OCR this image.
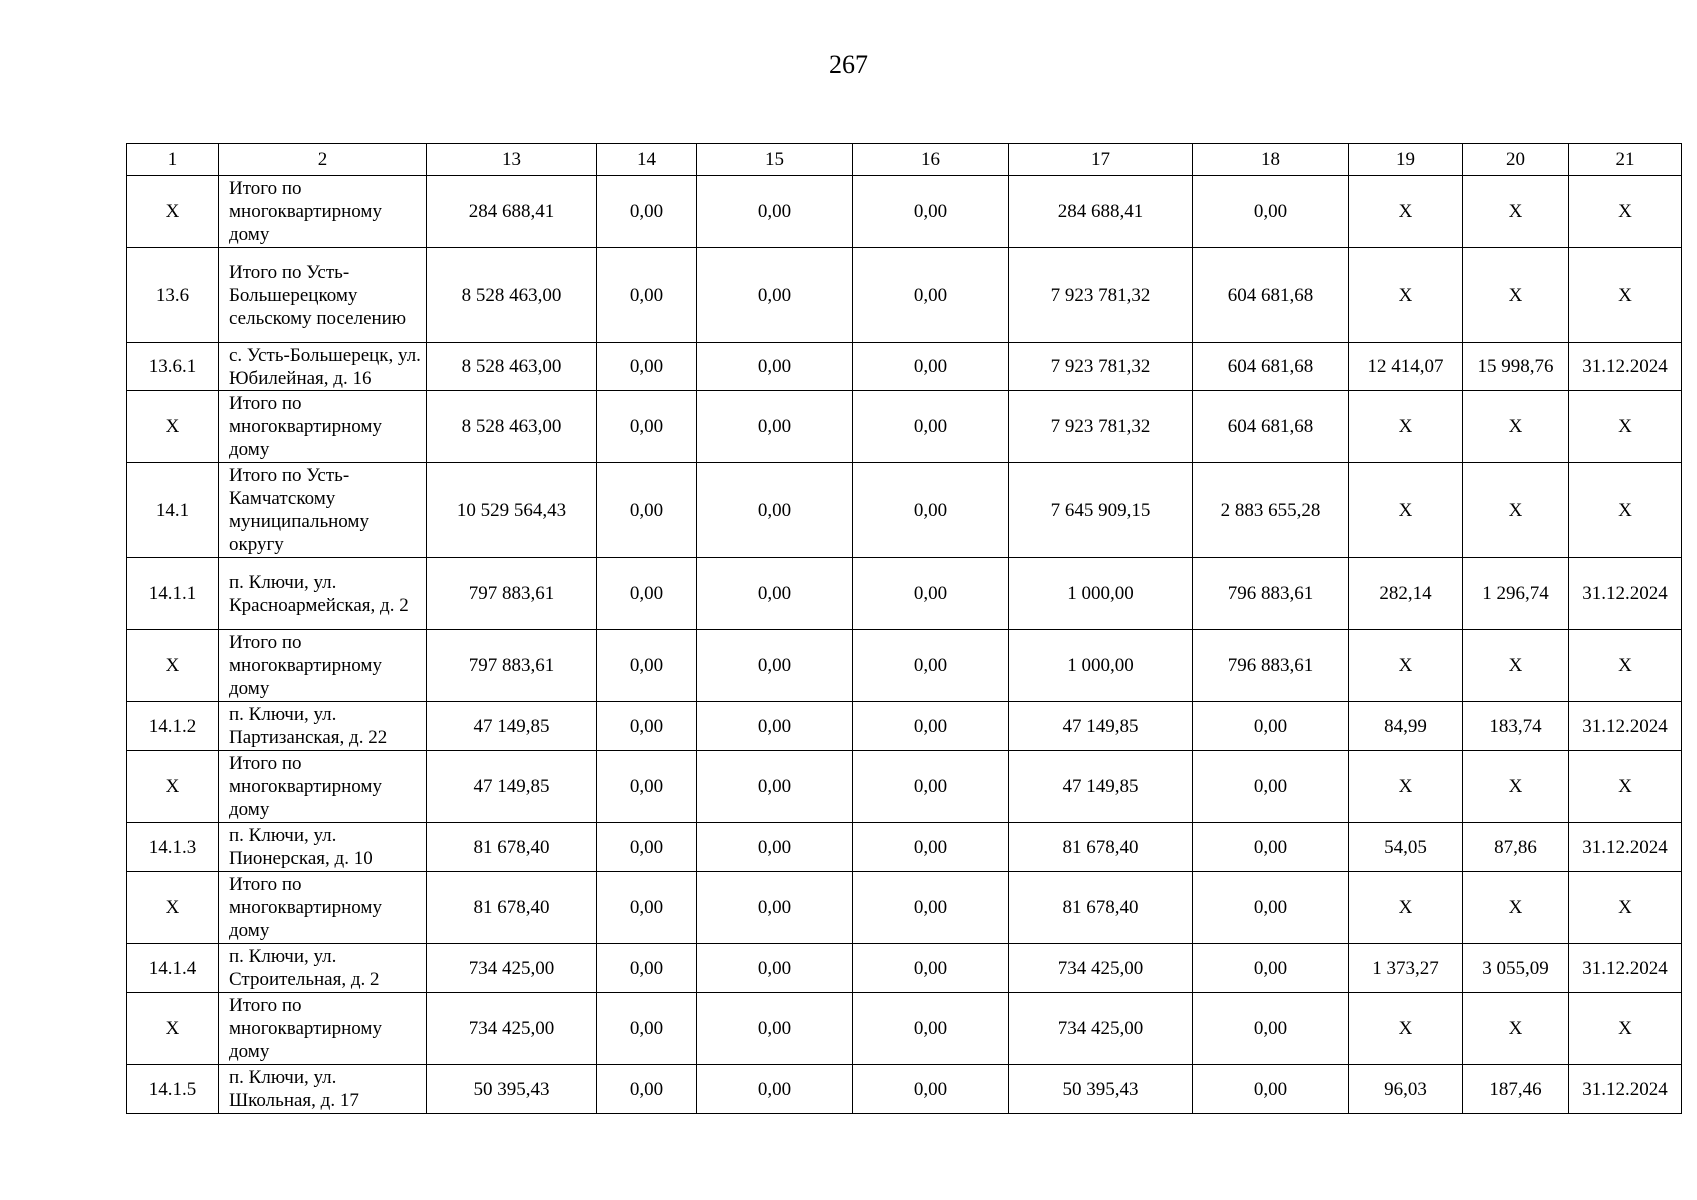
267
1	2	13	14	15	16	17	18	19	20	21
Х	Итого по многоквартирному дому	284 688,41	0,00	0,00	0,00	284 688,41	0,00	Х	Х	Х
13.6	Итого по Усть-Большерецкому сельскому поселению	8 528 463,00	0,00	0,00	0,00	7 923 781,32	604 681,68	Х	Х	Х
13.6.1	с. Усть-Большерецк, ул. Юбилейная, д. 16	8 528 463,00	0,00	0,00	0,00	7 923 781,32	604 681,68	12 414,07	15 998,76	31.12.2024
Х	Итого по многоквартирному дому	8 528 463,00	0,00	0,00	0,00	7 923 781,32	604 681,68	Х	Х	Х
14.1	Итого по Усть-Камчатскому муниципальному округу	10 529 564,43	0,00	0,00	0,00	7 645 909,15	2 883 655,28	Х	Х	Х
14.1.1	п. Ключи, ул. Красноармейская, д. 2	797 883,61	0,00	0,00	0,00	1 000,00	796 883,61	282,14	1 296,74	31.12.2024
Х	Итого по многоквартирному дому	797 883,61	0,00	0,00	0,00	1 000,00	796 883,61	Х	Х	Х
14.1.2	п. Ключи, ул. Партизанская, д. 22	47 149,85	0,00	0,00	0,00	47 149,85	0,00	84,99	183,74	31.12.2024
Х	Итого по многоквартирному дому	47 149,85	0,00	0,00	0,00	47 149,85	0,00	Х	Х	Х
14.1.3	п. Ключи, ул. Пионерская, д. 10	81 678,40	0,00	0,00	0,00	81 678,40	0,00	54,05	87,86	31.12.2024
Х	Итого по многоквартирному дому	81 678,40	0,00	0,00	0,00	81 678,40	0,00	Х	Х	Х
14.1.4	п. Ключи, ул. Строительная, д. 2	734 425,00	0,00	0,00	0,00	734 425,00	0,00	1 373,27	3 055,09	31.12.2024
Х	Итого по многоквартирному дому	734 425,00	0,00	0,00	0,00	734 425,00	0,00	Х	Х	Х
14.1.5	п. Ключи, ул. Школьная, д. 17	50 395,43	0,00	0,00	0,00	50 395,43	0,00	96,03	187,46	31.12.2024
